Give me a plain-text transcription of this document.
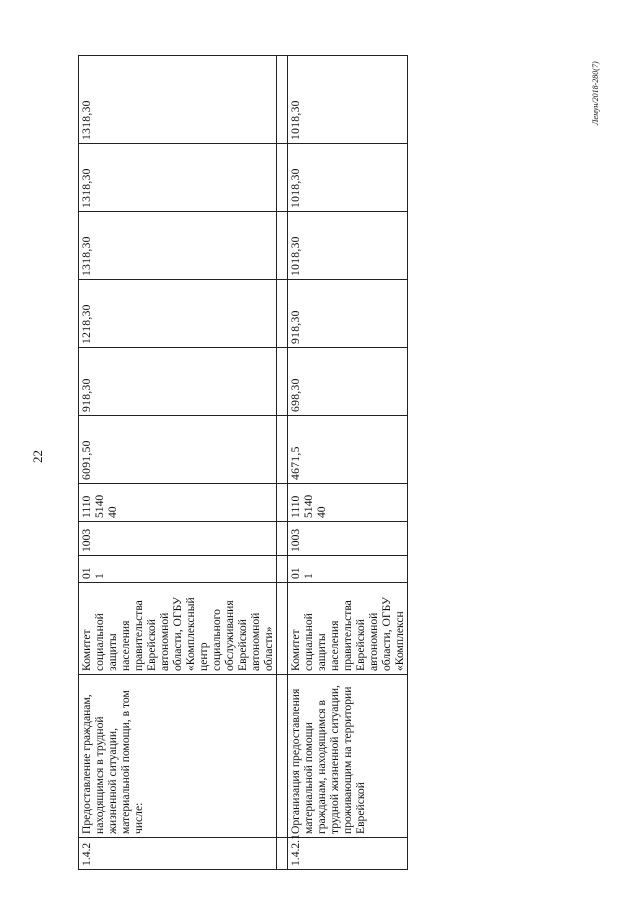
22
Лемун/2018-280(7)
1.4.2	Предоставление гражданам, находящимся в трудной жизненной ситуации, материальной помощи, в том числе:	Комитет социальной защиты населения правительства Еврейской автономной области, ОГБУ «Комплексный центр социального обслуживания Еврейской автономной области»	01 1	1003	1110 5140 40	6091,50	918,30	1218,30	1318,30	1318,30	1318,30

1.4.2.1	Организация предоставления материальной помощи гражданам, находящимся в трудной жизненной ситуации, проживающим на территории Еврейской	Комитет социальной защиты населения правительства Еврейской автономной области, ОГБУ «Комплексн	01 1	1003	1110 5140 40	4671,5	698,30	918,30	1018,30	1018,30	1018,30
